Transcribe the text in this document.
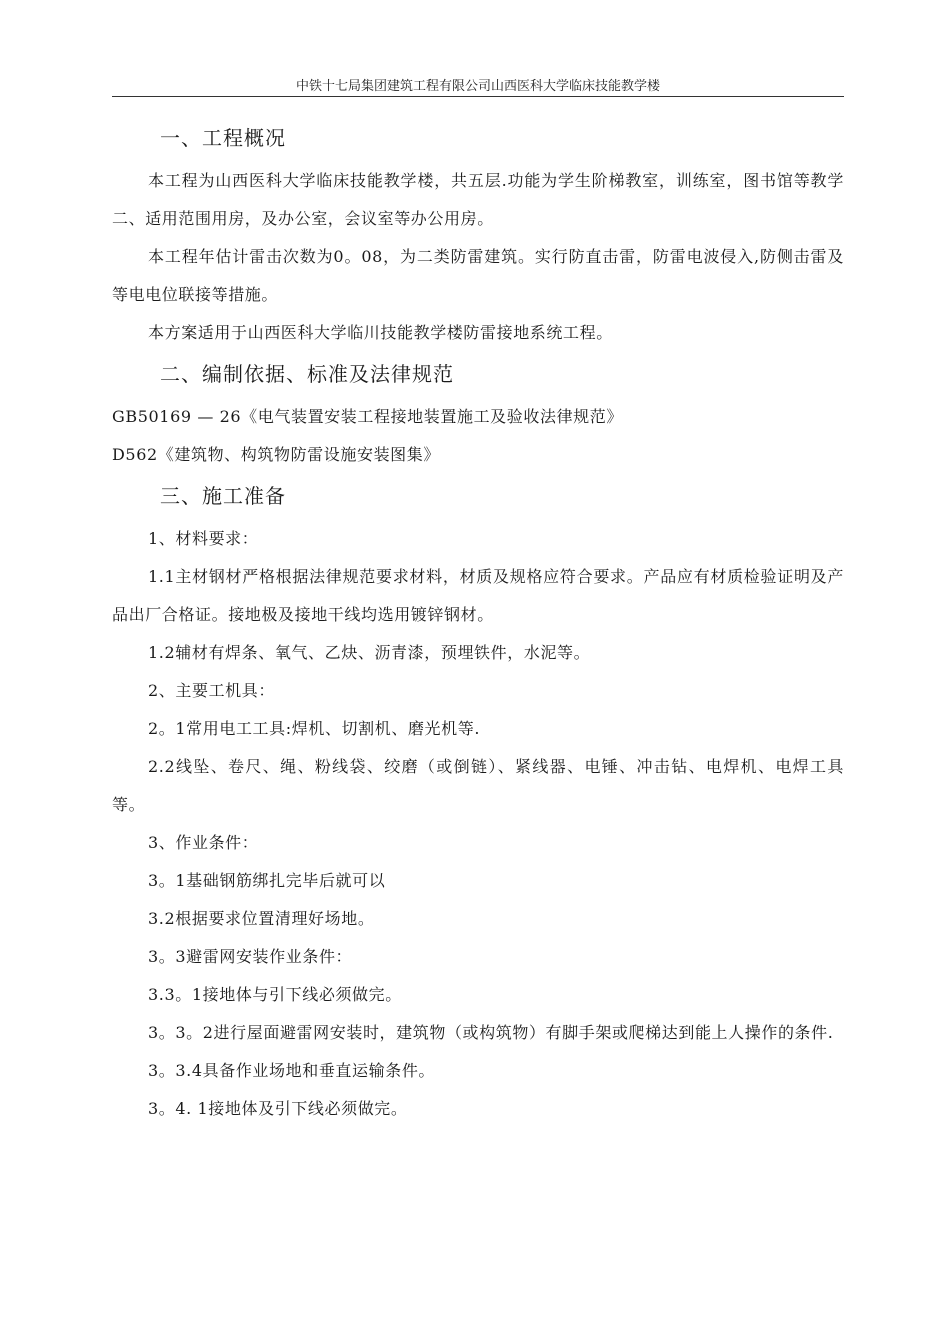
中铁十七局集团建筑工程有限公司山西医科大学临床技能教学楼
一、工程概况

本工程为山西医科大学临床技能教学楼，共五层.功能为学生阶梯教室，训练室，图书馆等教学二、适用范围用房，及办公室，会议室等办公用房。

本工程年估计雷击次数为0。08，为二类防雷建筑。实行防直击雷，防雷电波侵入,防侧击雷及等电电位联接等措施。

本方案适用于山西医科大学临川技能教学楼防雷接地系统工程。

二、编制依据、标准及法律规范

GB50169 — 26《电气装置安装工程接地装置施工及验收法律规范》

D562《建筑物、构筑物防雷设施安装图集》

三、施工准备

1、材料要求：

1.1主材钢材严格根据法律规范要求材料，材质及规格应符合要求。产品应有材质检验证明及产品出厂合格证。接地极及接地干线均选用镀锌钢材。

1.2辅材有焊条、氧气、乙炔、沥青漆，预埋铁件，水泥等。

2、主要工机具：

2。1常用电工工具:焊机、切割机、磨光机等.

2.2线坠、卷尺、绳、粉线袋、绞磨（或倒链）、紧线器、电锤、冲击钻、电焊机、电焊工具等。

3、作业条件：

3。1基础钢筋绑扎完毕后就可以

3.2根据要求位置清理好场地。

3。3避雷网安装作业条件：

3.3。1接地体与引下线必须做完。

3。3。2进行屋面避雷网安装时，建筑物（或构筑物）有脚手架或爬梯达到能上人操作的条件.

3。3.4具备作业场地和垂直运输条件。

3。4. 1接地体及引下线必须做完。
